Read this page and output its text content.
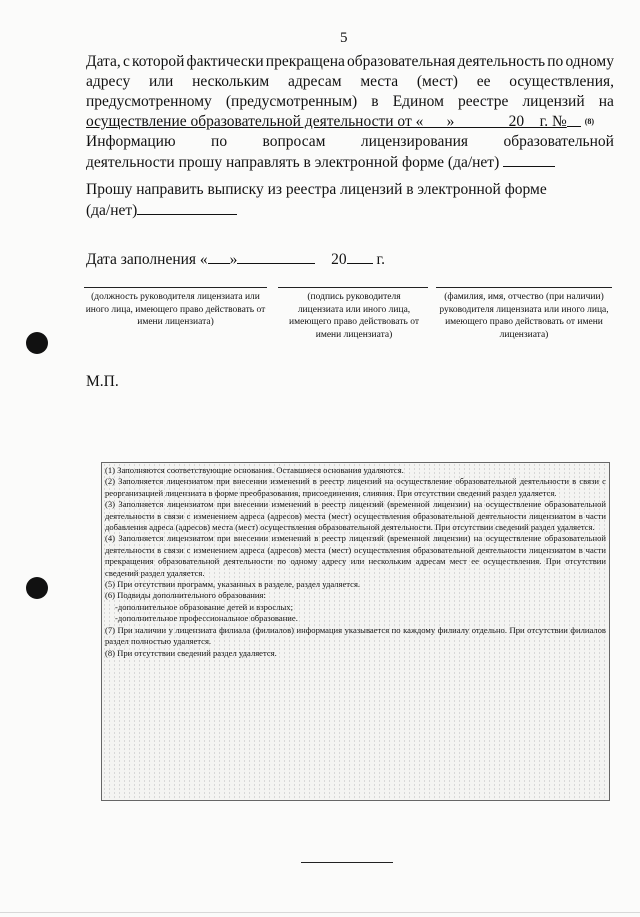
5
Дата, с которой фактически прекращена образовательная деятельность по одному
адресу или нескольким адресам места (мест) ее осуществления,
предусмотренному (предусмотренным) в Едином реестре лицензий на
осуществление образовательной деятельности от «      »              20    г. № (8)
Информацию по вопросам лицензирования образовательной
деятельности прошу направлять в электронной форме (да/нет)
Прошу направить выписку из реестра лицензий в электронной форме
(да/нет)
Дата заполнения « »	20 г.
(должность руководителя лицензиата или иного лица, имеющего право действовать от имени лицензиата)
(подпись руководителя лицензиата или иного лица, имеющего право действовать от имени лицензиата)
(фамилия, имя, отчество (при наличии) руководителя лицензиата или иного лица, имеющего право действовать от имени лицензиата)
М.П.

(1) Заполняются соответствующие основания. Оставшиеся основания удаляются.

(2) Заполняется лицензиатом при внесении изменений в реестр лицензий на осуществление образовательной деятельности в связи с реорганизацией лицензиата в форме преобразования, присоединения, слияния. При отсутствии сведений раздел удаляется.

(3) Заполняется лицензиатом при внесении изменений в реестр лицензий (временной лицензии) на осуществление образовательной деятельности в связи с изменением адреса (адресов) места (мест) осуществления образовательной деятельности лицензиатом в части добавления адреса (адресов) места (мест) осуществления образовательной деятельности. При отсутствии сведений раздел удаляется.

(4) Заполняется лицензиатом при внесении изменений в реестр лицензий (временной лицензии) на осуществление образовательной деятельности в связи с изменением адреса (адресов) места (мест) осуществления образовательной деятельности лицензиатом в части прекращения образовательной деятельности по одному адресу или нескольким адресам мест ее осуществления. При отсутствии сведений раздел удаляется.

(5) При отсутствии программ, указанных в разделе, раздел удаляется.

(6) Подвиды дополнительного образования:

-дополнительное образование детей и взрослых;

-дополнительное профессиональное образование.

(7) При наличии у лицензиата филиала (филиалов) информация указывается по каждому филиалу отдельно. При отсутствии филиалов раздел полностью удаляется.

(8) При отсутствии сведений раздел удаляется.
